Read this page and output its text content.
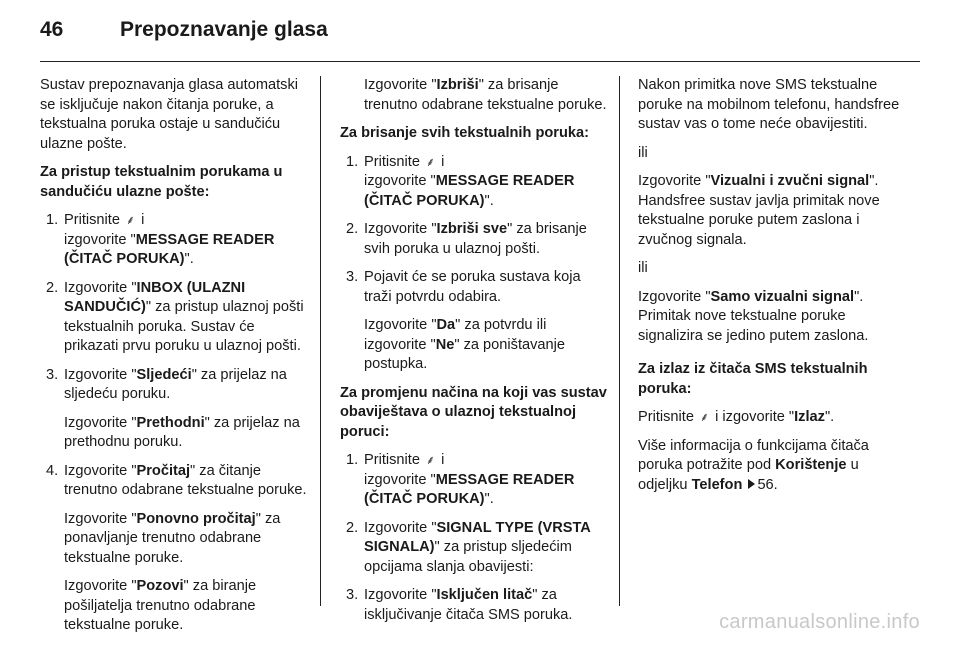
46	Prepoznavanje glasa

Sustav prepoznavanja glasa automatski se isključuje nakon čitanja poruke, a tekstualna poruka ostaje u sandučiću ulazne pošte.

Za pristup tekstualnim porukama u sandučiću ulazne pošte:

1. Pritisnite ⸙ i
izgovorite "MESSAGE READER (ČITAČ PORUKA)".

2. Izgovorite "INBOX (ULAZNI SANDUČIĆ)" za pristup ulaznoj pošti tekstualnih poruka. Sustav će prikazati prvu poruku u ulaznoj pošti.

3. Izgovorite "Sljedeći" za prijelaz na sljedeću poruku.

Izgovorite "Prethodni" za prijelaz na prethodnu poruku.

4. Izgovorite "Pročitaj" za čitanje trenutno odabrane tekstualne poruke.

Izgovorite "Ponovno pročitaj" za ponavljanje trenutno odabrane tekstualne poruke.

Izgovorite "Pozovi" za biranje pošiljatelja trenutno odabrane tekstualne poruke.

Izgovorite "Izbriši" za brisanje trenutno odabrane tekstualne poruke.

Za brisanje svih tekstualnih poruka:

1. Pritisnite ⸙ i
izgovorite "MESSAGE READER (ČITAČ PORUKA)".

2. Izgovorite "Izbriši sve" za brisanje svih poruka u ulaznoj pošti.

3. Pojavit će se poruka sustava koja traži potvrdu odabira.

Izgovorite "Da" za potvrdu ili izgovorite "Ne" za poništavanje postupka.

Za promjenu načina na koji vas sustav obaviještava o ulaznoj tekstualnoj poruci:

1. Pritisnite ⸙ i
izgovorite "MESSAGE READER (ČITAČ PORUKA)".

2. Izgovorite "SIGNAL TYPE (VRSTA SIGNALA)" za pristup sljedećim opcijama slanja obavijesti:

3. Izgovorite "Isključen litač" za isključivanje čitača SMS poruka.

Nakon primitka nove SMS tekstualne poruke na mobilnom telefonu, handsfree sustav vas o tome neće obavijestiti.

ili

Izgovorite "Vizualni i zvučni signal". Handsfree sustav javlja primitak nove tekstualne poruke putem zaslona i zvučnog signala.

ili

Izgovorite "Samo vizualni signal". Primitak nove tekstualne poruke signalizira se jedino putem zaslona.

Za izlaz iz čitača SMS tekstualnih poruka:

Pritisnite ⸙ i izgovorite "Izlaz".

Više informacija o funkcijama čitača poruka potražite pod Korištenje u odjeljku Telefon 56.

carmanualsonline.info
